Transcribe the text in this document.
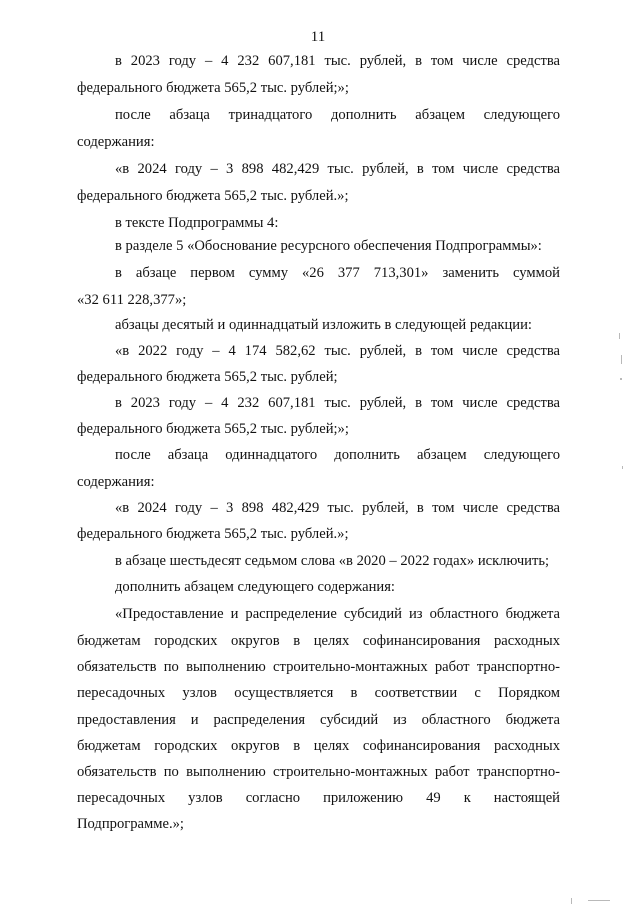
11
в 2023 году – 4 232 607,181 тыс. рублей, в том числе средства
федерального бюджета 565,2 тыс. рублей;»;
после абзаца тринадцатого дополнить абзацем следующего
содержания:
«в 2024 году – 3 898 482,429 тыс. рублей, в том числе средства
федерального бюджета 565,2 тыс. рублей.»;
в тексте Подпрограммы 4:
в разделе 5 «Обоснование ресурсного обеспечения Подпрограммы»:
в абзаце первом сумму «26 377 713,301» заменить суммой
«32 611 228,377»;
абзацы десятый и одиннадцатый изложить в следующей редакции:
«в 2022 году – 4 174 582,62 тыс. рублей, в том числе средства
федерального бюджета 565,2 тыс. рублей;
в 2023 году – 4 232 607,181 тыс. рублей, в том числе средства
федерального бюджета 565,2 тыс. рублей;»;
после абзаца одиннадцатого дополнить абзацем следующего
содержания:
«в 2024 году – 3 898 482,429 тыс. рублей, в том числе средства
федерального бюджета 565,2 тыс. рублей.»;
в абзаце шестьдесят седьмом слова «в 2020 – 2022 годах» исключить;
дополнить абзацем следующего содержания:
«Предоставление и распределение субсидий из областного бюджета
бюджетам городских округов в целях софинансирования расходных
обязательств по выполнению строительно-монтажных работ транспортно-
пересадочных узлов осуществляется в соответствии с Порядком
предоставления и распределения субсидий из областного бюджета
бюджетам городских округов в целях софинансирования расходных
обязательств по выполнению строительно-монтажных работ транспортно-
пересадочных узлов согласно приложению 49 к настоящей
Подпрограмме.»;
